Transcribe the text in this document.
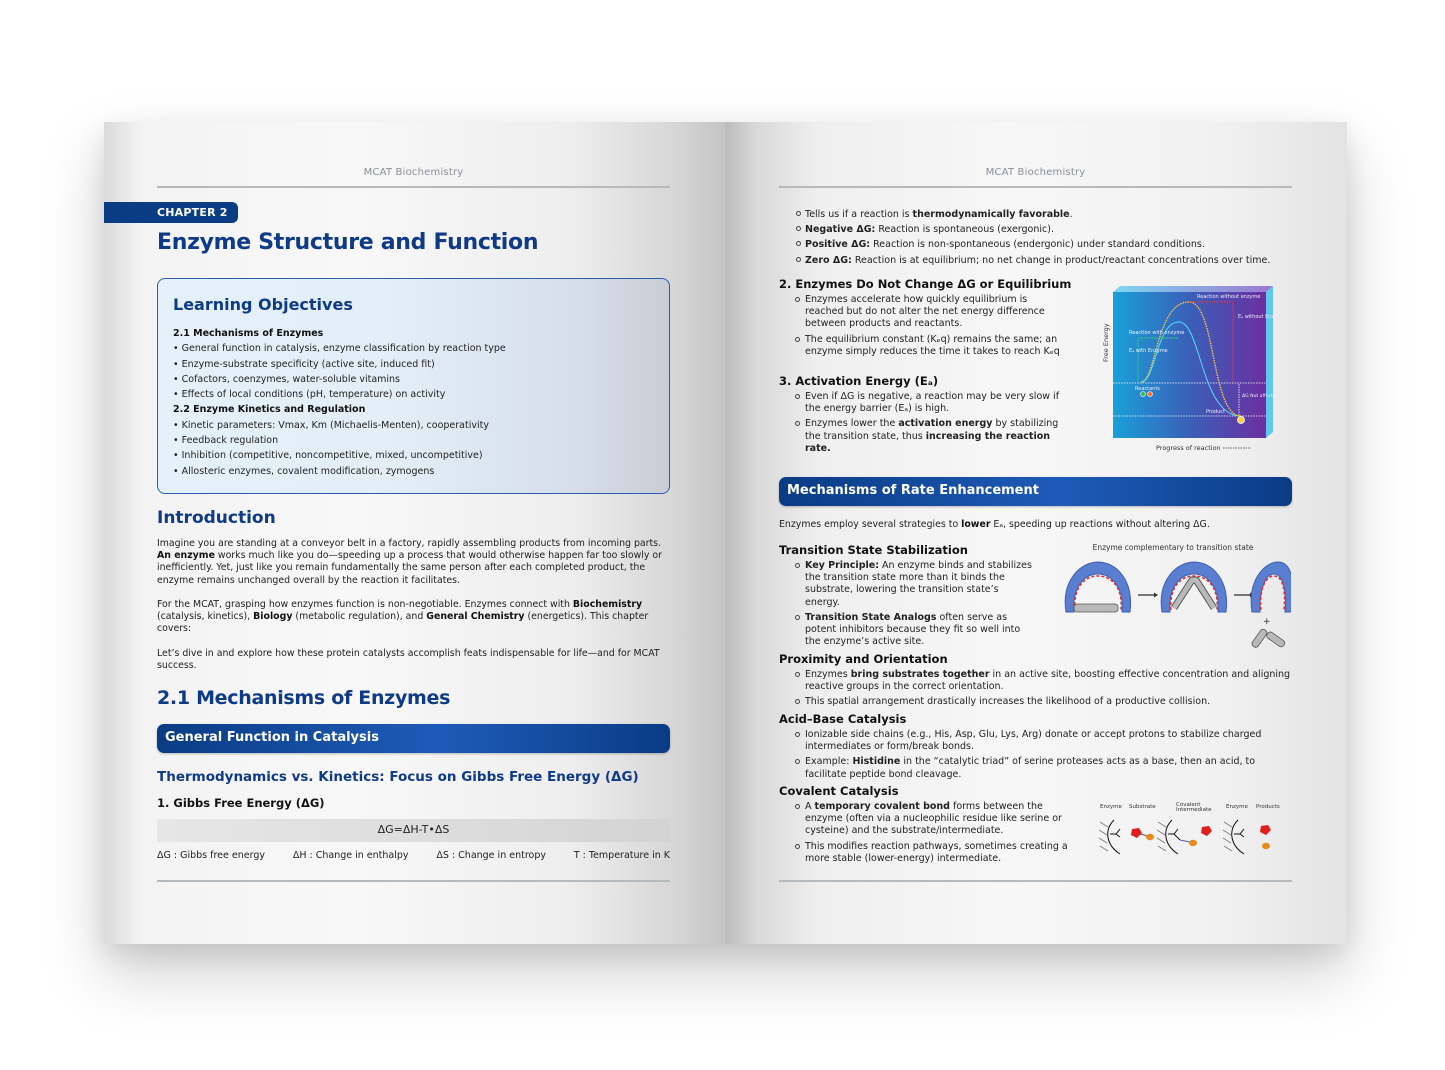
MCAT Biochemistry
CHAPTER 2
Enzyme Structure and Function
Learning Objectives
2.1 Mechanisms of Enzymes
• General function in catalysis, enzyme classification by reaction type
• Enzyme-substrate specificity (active site, induced fit)
• Cofactors, coenzymes, water-soluble vitamins
• Effects of local conditions (pH, temperature) on activity
2.2 Enzyme Kinetics and Regulation
• Kinetic parameters: Vmax, Km (Michaelis-Menten), cooperativity
• Feedback regulation
• Inhibition (competitive, noncompetitive, mixed, uncompetitive)
• Allosteric enzymes, covalent modification, zymogens
Introduction

Imagine you are standing at a conveyor belt in a factory, rapidly assembling products from incoming parts. An enzyme works much like you do—speeding up a process that would otherwise happen far too slowly or inefficiently. Yet, just like you remain fundamentally the same person after each completed product, the enzyme remains unchanged overall by the reaction it facilitates.

For the MCAT, grasping how enzymes function is non-negotiable. Enzymes connect with Biochemistry (catalysis, kinetics), Biology (metabolic regulation), and General Chemistry (energetics). This chapter covers:

Let’s dive in and explore how these protein catalysts accomplish feats indispensable for life—and for MCAT success.

2.1 Mechanisms of Enzymes
General Function in Catalysis
Thermodynamics vs. Kinetics: Focus on Gibbs Free Energy (ΔG)
1. Gibbs Free Energy (ΔG)
ΔG=ΔH-T•ΔS
ΔG : Gibbs free energy	ΔH : Change in enthalpy	ΔS : Change in entropy	T : Temperature in K
MCAT Biochemistry
Tells us if a reaction is thermodynamically favorable.
Negative ΔG: Reaction is spontaneous (exergonic).
Positive ΔG: Reaction is non-spontaneous (endergonic) under standard conditions.
Zero ΔG: Reaction is at equilibrium; no net change in product/reactant concentrations over time.
2. Enzymes Do Not Change ΔG or Equilibrium
Enzymes accelerate how quickly equilibrium is reached but do not alter the net energy difference between products and reactants.
The equilibrium constant (Kₑq) remains the same; an enzyme simply reduces the time it takes to reach Kₑq
3. Activation Energy (Eₐ)
Even if ΔG is negative, a reaction may be very slow if the energy barrier (Eₐ) is high.
Enzymes lower the activation energy by stabilizing the transition state, thus increasing the reaction rate.
Free Energy
Progress of reaction
Reaction with enzyme
Reaction without enzyme
Eₐ with Enzyme
Eₐ without Enzyme
Reactants
Product
ΔG Not affected
Mechanisms of Rate Enhancement

Enzymes employ several strategies to lower Eₐ, speeding up reactions without altering ΔG.

Transition State Stabilization
Key Principle: An enzyme binds and stabilizes the transition state more than it binds the substrate, lowering the transition state’s energy.
Transition State Analogs often serve as potent inhibitors because they fit so well into the enzyme’s active site.
Enzyme complementary to transition state
+
Proximity and Orientation
Enzymes bring substrates together in an active site, boosting effective concentration and aligning reactive groups in the correct orientation.
This spatial arrangement drastically increases the likelihood of a productive collision.
Acid–Base Catalysis
Ionizable side chains (e.g., His, Asp, Glu, Lys, Arg) donate or accept protons to stabilize charged intermediates or form/break bonds.
Example: Histidine in the “catalytic triad” of serine proteases acts as a base, then an acid, to facilitate peptide bond cleavage.
Covalent Catalysis
A temporary covalent bond forms between the enzyme (often via a nucleophilic residue like serine or cysteine) and the substrate/intermediate.
This modifies reaction pathways, sometimes creating a more stable (lower-energy) intermediate.
Enzyme Substrate	Covalent
Intermediate	Enzyme Products
